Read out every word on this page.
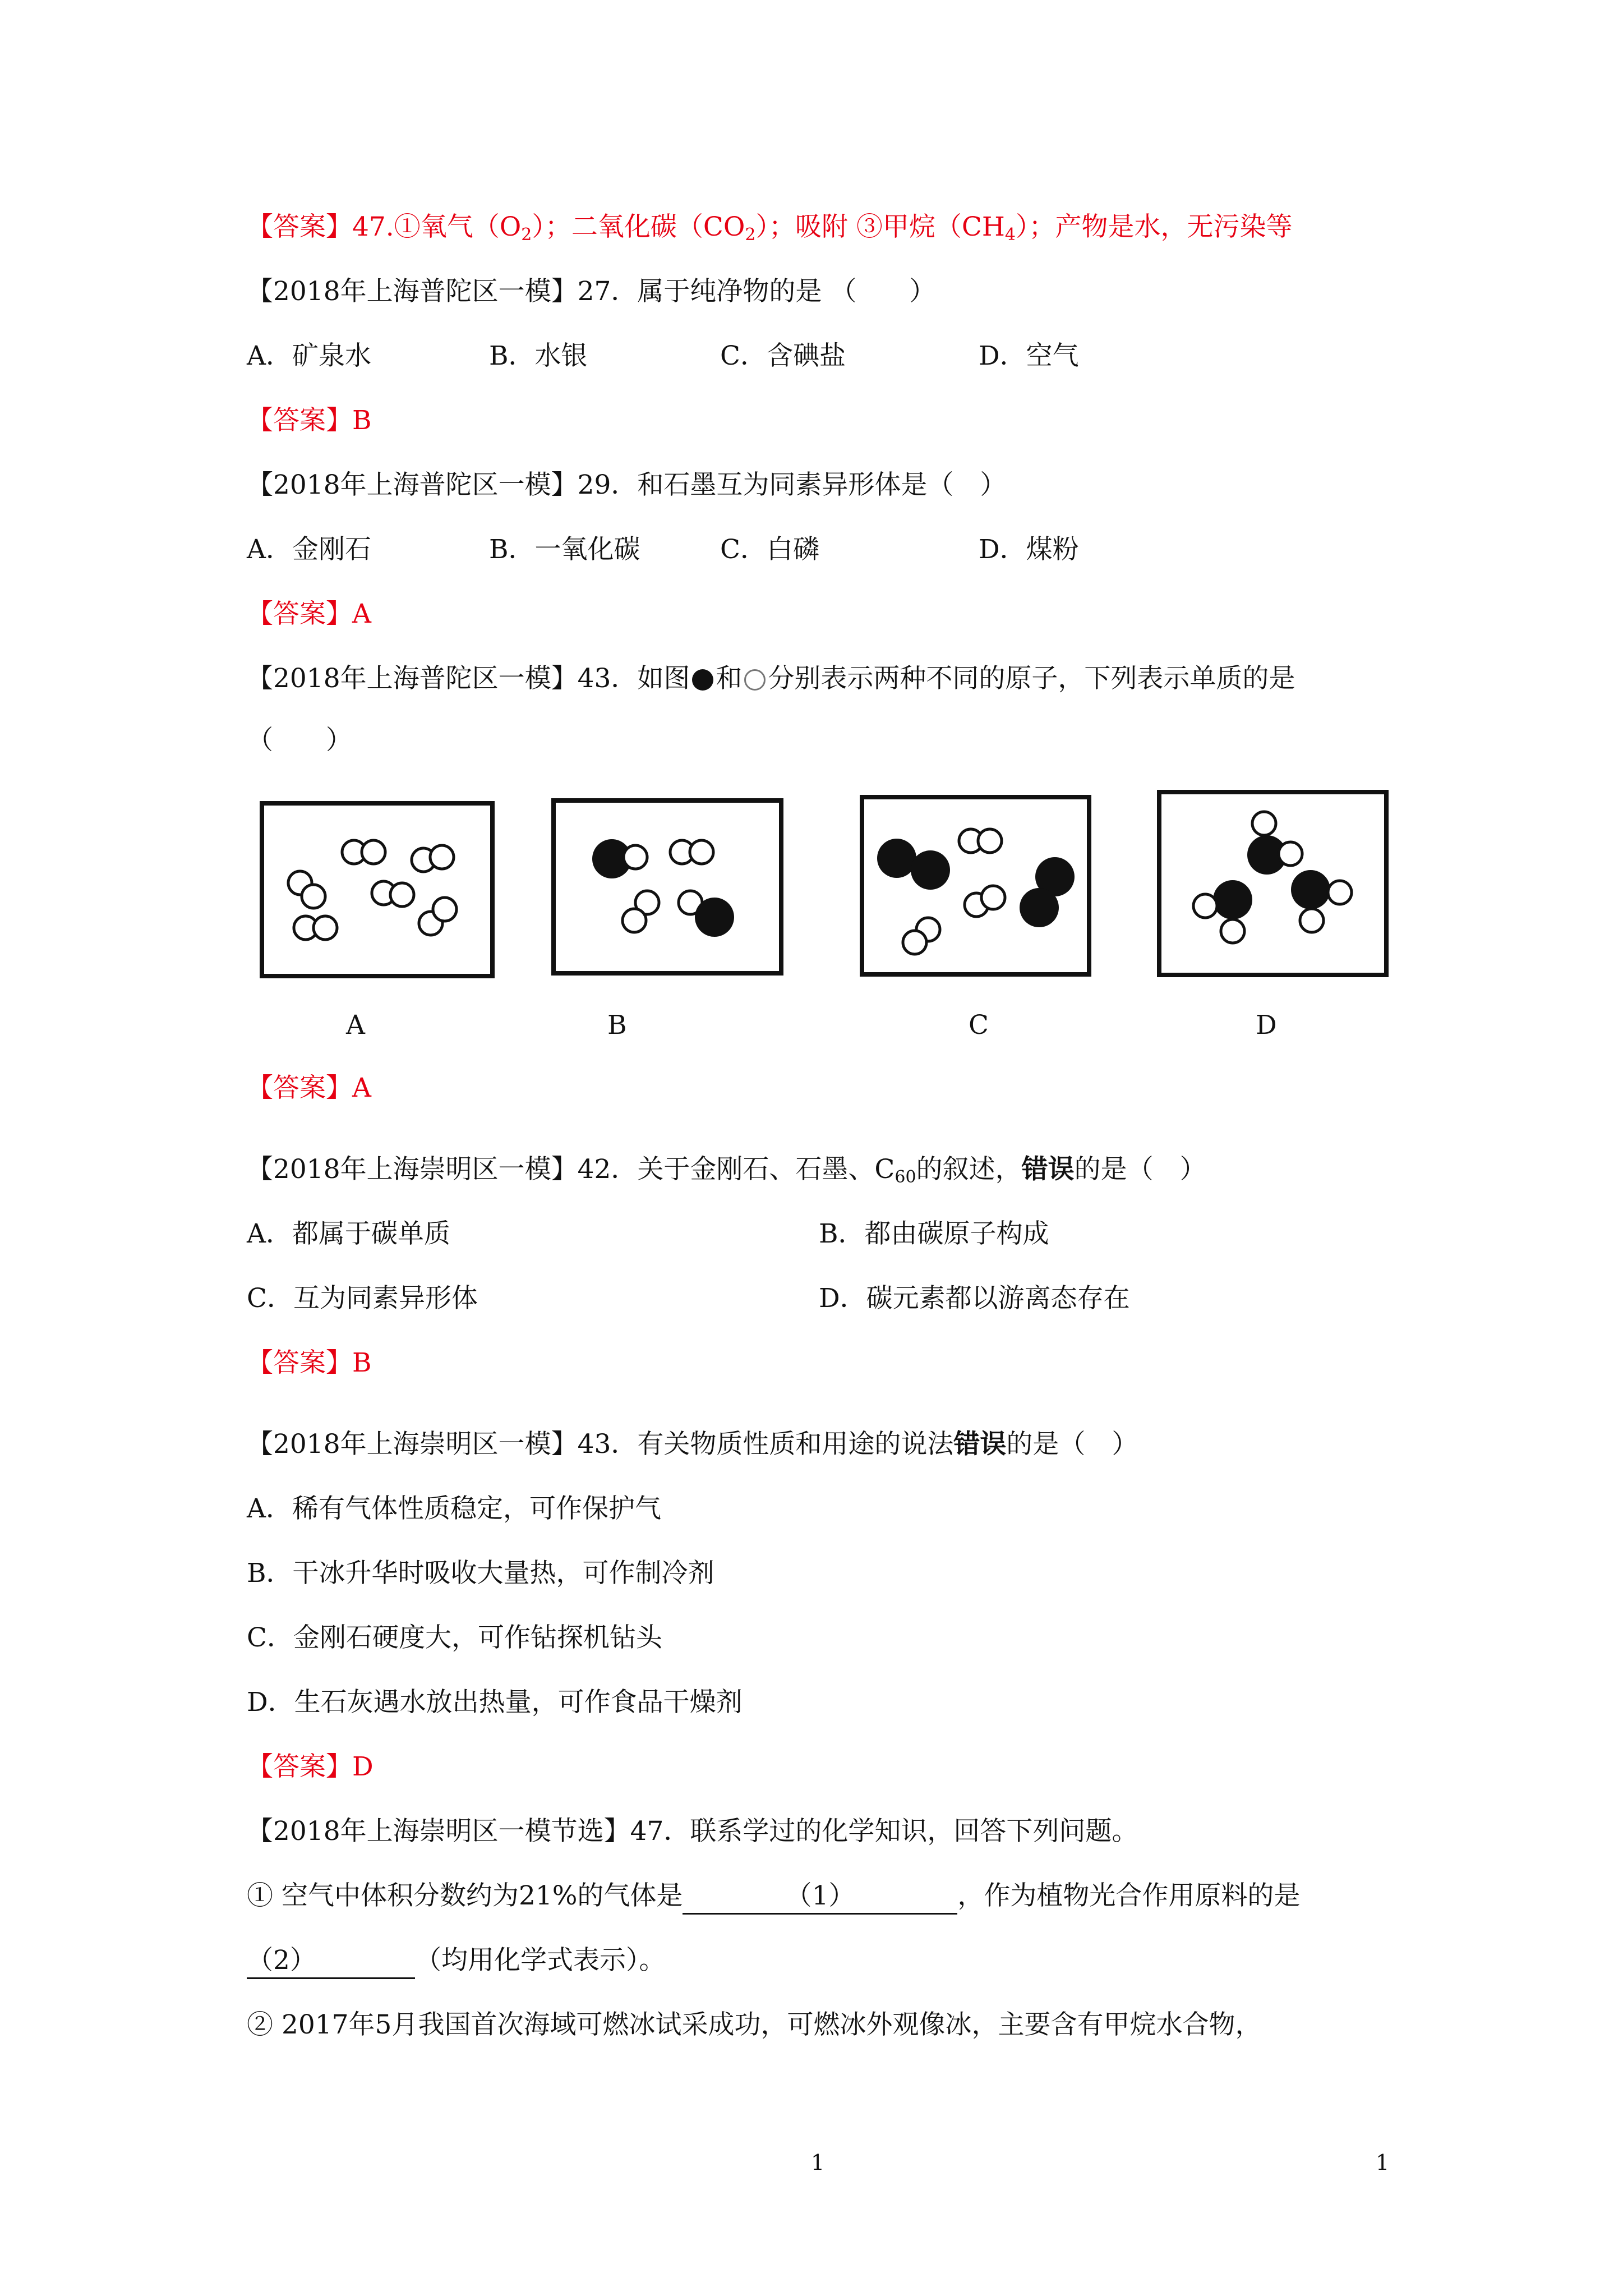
【答案】47.①氧气$(O_2)$；二氧化碳$(CO_2)$；吸附 ③甲烷$(CH_4)$；产物是水，无污染等
【2018年上海普陀区一模】27．属于纯净物的是 （　　）
A．矿泉水	B．水银	C．含碘盐	D．空气
【答案】B
【2018年上海普陀区一模】29．和石墨互为同素异形体是（　）
A．金刚石	B．一氧化碳	C．白磷	D．煤粉
【答案】A
【2018年上海普陀区一模】43．如图 和 分别表示两种不同的原子，下列表示单质的是
（　　）
A	B	C	D
【答案】A
【2018年上海崇明区一模】42．关于金刚石、石墨、$C_{60}$的叙述，错误的是（　）
A．都属于碳单质	B．都由碳原子构成
C．互为同素异形体	D．碳元素都以游离态存在
【答案】B
【2018年上海崇明区一模】43．有关物质性质和用途的说法错误的是（　）
A．稀有气体性质稳定，可作保护气
B．干冰升华时吸收大量热，可作制冷剂
C．金刚石硬度大，可作钻探机钻头
D．生石灰遇水放出热量，可作食品干燥剂
【答案】D
【2018年上海崇明区一模节选】47．联系学过的化学知识，回答下列问题。
① 空气中体积分数约为21%的气体是	（1）	，作为植物光合作用原料的是
（2）	（均用化学式表示）。
② 2017年5月我国首次海域可燃冰试采成功，可燃冰外观像冰，主要含有甲烷水合物，
1	1
